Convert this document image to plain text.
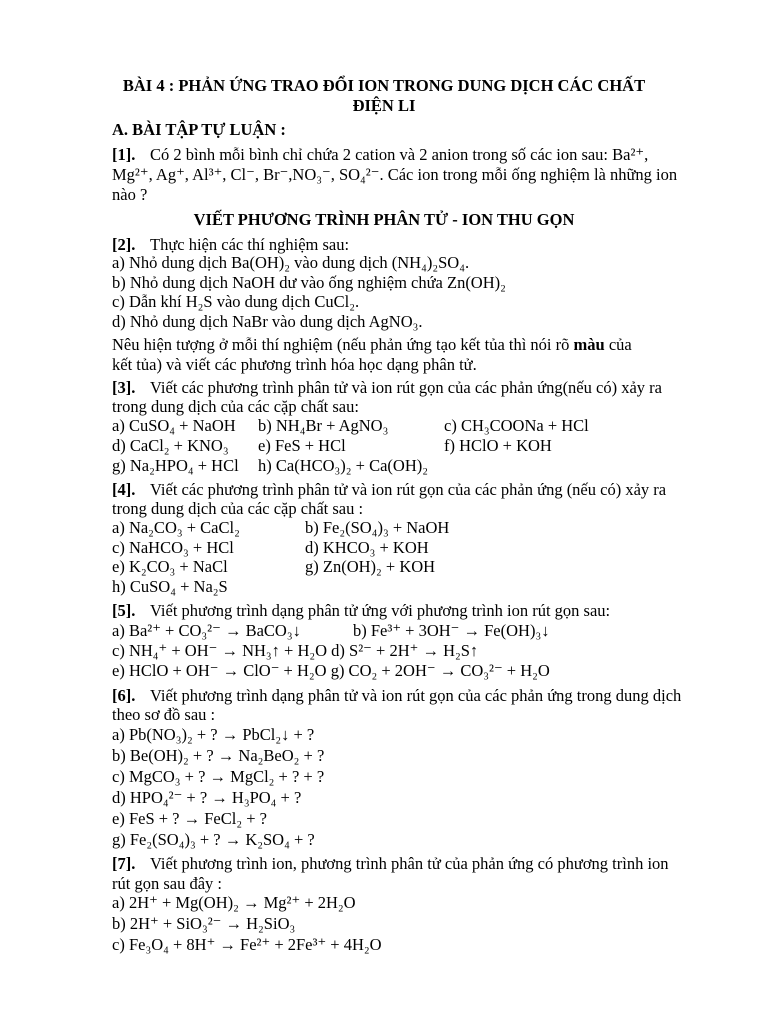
BÀI 4 : PHẢN ỨNG TRAO ĐỔI ION TRONG DUNG DỊCH CÁC CHẤT
ĐIỆN LI
A. BÀI TẬP TỰ LUẬN :
[1]. Có 2 bình mỗi bình chỉ chứa 2 cation và 2 anion trong số các ion sau: Ba²⁺,
Mg²⁺, Ag⁺, Al³⁺, Cl⁻, Br⁻,NO₃⁻, SO₄²⁻. Các ion trong mỗi ống nghiệm là những ion
nào ?
VIẾT PHƯƠNG TRÌNH PHÂN TỬ - ION THU GỌN
[2]. Thực hiện các thí nghiệm sau:
a) Nhỏ dung dịch Ba(OH)₂ vào dung dịch (NH₄)₂SO₄.
b) Nhỏ dung dịch NaOH dư vào ống nghiệm chứa Zn(OH)₂
c) Dẫn khí H₂S vào dung dịch CuCl₂.
d) Nhỏ dung dịch NaBr vào dung dịch AgNO₃.
Nêu hiện tượng ở mỗi thí nghiệm (nếu phản ứng tạo kết tủa thì nói rõ màu của
kết tủa) và viết các phương trình hóa học dạng phân tử.
[3]. Viết các phương trình phân tử và ion rút gọn của các phản ứng(nếu có) xảy ra
trong dung dịch của các cặp chất sau:
a) CuSO₄ + NaOH b) NH₄Br + AgNO₃	c) CH₃COONa + HCl
d) CaCl₂ + KNO₃ e) FeS + HCl	f) HClO + KOH
g) Na₂HPO₄ + HCl h) Ca(HCO₃)₂ + Ca(OH)₂
[4]. Viết các phương trình phân tử và ion rút gọn của các phản ứng (nếu có) xảy ra
trong dung dịch của các cặp chất sau :
a) Na₂CO₃ + CaCl₂	b) Fe₂(SO₄)₃ + NaOH
c) NaHCO₃ + HCl	d) KHCO₃ + KOH
e) K₂CO₃ + NaCl	g) Zn(OH)₂ + KOH
h) CuSO₄ + Na₂S
[5]. Viết phương trình dạng phân tử ứng với phương trình ion rút gọn sau:
a) Ba²⁺ + CO₃²⁻ → BaCO₃↓	b) Fe³⁺ + 3OH⁻ → Fe(OH)₃↓
c) NH₄⁺ + OH⁻ → NH₃↑ + H₂O d) S²⁻ + 2H⁺ → H₂S↑
e) HClO + OH⁻ → ClO⁻ + H₂O g) CO₂ + 2OH⁻ → CO₃²⁻ + H₂O
[6]. Viết phương trình dạng phân tử và ion rút gọn của các phản ứng trong dung dịch
theo sơ đồ sau :
a) Pb(NO₃)₂ + ? → PbCl₂↓ + ?
b) Be(OH)₂ + ? → Na₂BeO₂ + ?
c) MgCO₃ + ? → MgCl₂ + ? + ?
d) HPO₄²⁻ + ? → H₃PO₄ + ?
e) FeS + ? → FeCl₂ + ?
g) Fe₂(SO₄)₃ + ? → K₂SO₄ + ?
[7]. Viết phương trình ion, phương trình phân tử của phản ứng có phương trình ion
rút gọn sau đây :
a) 2H⁺ + Mg(OH)₂ → Mg²⁺ + 2H₂O
b) 2H⁺ + SiO₃²⁻ → H₂SiO₃
c) Fe₃O₄ + 8H⁺ → Fe²⁺ + 2Fe³⁺ + 4H₂O
